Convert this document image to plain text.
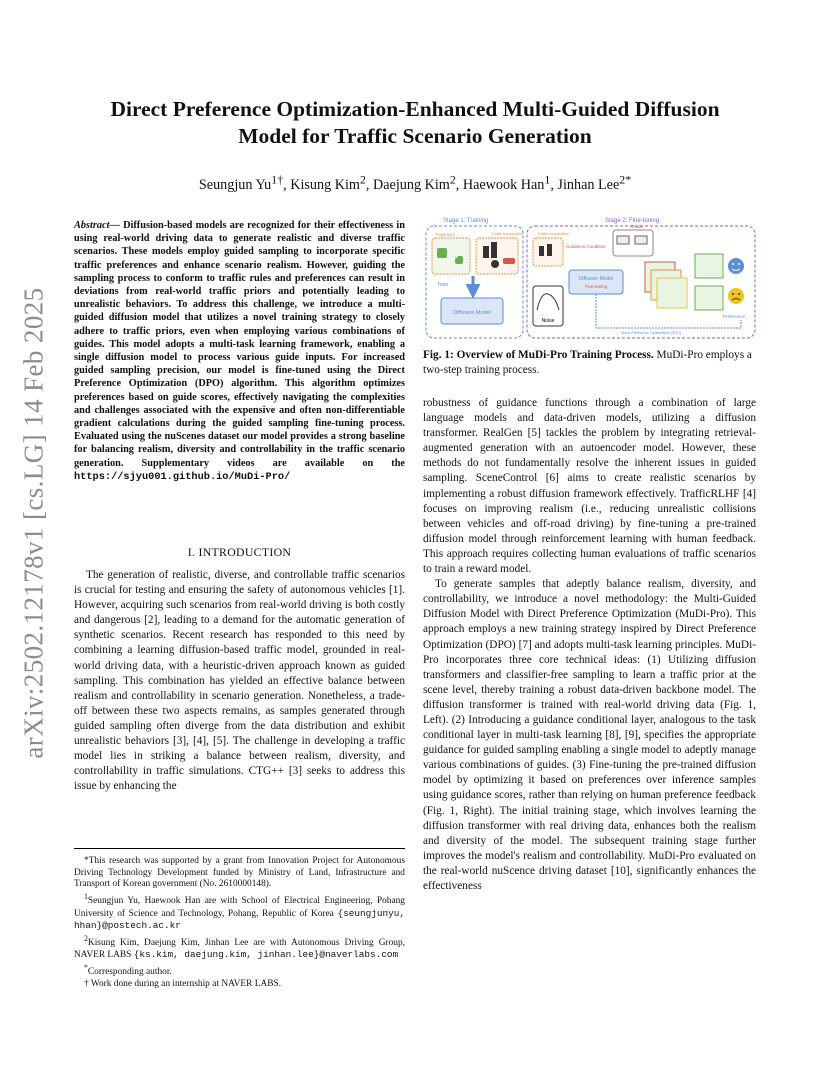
arXiv:2502.12178v1 [cs.LG] 14 Feb 2025
Direct Preference Optimization-Enhanced Multi-Guided Diffusion
Model for Traffic Scenario Generation
Seungjun $Yu^{1\dagger}$, Kisung Kim$^2$, Daejung Kim$^2$, Haewook Han$^1$, Jinhan Lee$^{2*}$
Abstract— Diffusion-based models are recognized for their effectiveness in using real-world driving data to generate realistic and diverse traffic scenarios. These models employ guided sampling to incorporate specific traffic preferences and enhance scenario realism. However, guiding the sampling process to conform to traffic rules and preferences can result in deviations from real-world traffic priors and potentially leading to unrealistic behaviors. To address this challenge, we introduce a multi-guided diffusion model that utilizes a novel training strategy to closely adhere to traffic priors, even when employing various combinations of guides. This model adopts a multi-task learning framework, enabling a single diffusion model to process various guide inputs. For increased guided sampling precision, our model is fine-tuned using the Direct Preference Optimization (DPO) algorithm. This algorithm optimizes preferences based on guide scores, effectively navigating the complexities and challenges associated with the expensive and often non-differentiable gradient calculations during the guided sampling fine-tuning process. Evaluated using the nuScenes dataset our model provides a strong baseline for balancing realism, diversity and controllability in the traffic scenario generation. Supplementary videos are available on the https://sjyu001.github.io/MuDi-Pro/
I. INTRODUCTION

The generation of realistic, diverse, and controllable traffic scenarios is crucial for testing and ensuring the safety of autonomous vehicles [1]. However, acquiring such scenarios from real-world driving is both costly and dangerous [2], leading to a demand for the automatic generation of synthetic scenarios. Recent research has responded to this need by combining a learning diffusion-based traffic model, grounded in real-world driving data, with a heuristic-driven approach known as guided sampling. This combination has yielded an effective balance between realism and controllability in scenario generation. Nonetheless, a trade-off between these two aspects remains, as samples generated through guided sampling often diverge from the data distribution and exhibit unrealistic behaviors [3], [4], [5]. The challenge in developing a traffic model lies in striking a balance between realism, diversity, and controllability in traffic simulations. CTG++ [3] seeks to address this issue by enhancing the

*This research was supported by a grant from Innovation Project for Autonomous Driving Technology Development funded by Ministry of Land, Infrastructure and Transport of Korean government (No. 2610000148).

$^1$Seungjun Yu, Haewook Han are with School of Electrical Engineering, Pohang University of Science and Technology, Pohang, Republic of Korea {seungjunyu, hhan}@postech.ac.kr

$^2$Kisung Kim, Daejung Kim, Jinhan Lee are with Autonomous Driving Group, NAVER LABS {ks.kim, daejung.kim, jinhan.lee}@naverlabs.com

*Corresponding author.

† Work done during an internship at NAVER LABS.

Stage 1: Training
Trajectory	Traffic Information
Train
Diffusion Model
Stage 2: Fine-tuning
Traffic Information
Guidance Condition
Guide
Diffusion Model
Fine-tuning
Noise
Preference
Direct Preference Optimization (DPO)
Fig. 1: Overview of MuDi-Pro Training Process. MuDi-Pro employs a two-step training process.

robustness of guidance functions through a combination of large language models and data-driven models, utilizing a diffusion transformer. RealGen [5] tackles the problem by integrating retrieval-augmented generation with an autoencoder model. However, these methods do not fundamentally resolve the inherent issues in guided sampling. SceneControl [6] aims to create realistic scenarios by implementing a robust diffusion framework effectively. TrafficRLHF [4] focuses on improving realism (i.e., reducing unrealistic collisions between vehicles and off-road driving) by fine-tuning a pre-trained diffusion model through reinforcement learning with human feedback. This approach requires collecting human evaluations of traffic scenarios to train a reward model.

To generate samples that adeptly balance realism, diversity, and controllability, we introduce a novel methodology: the Multi-Guided Diffusion Model with Direct Preference Optimization (MuDi-Pro). This approach employs a new training strategy inspired by Direct Preference Optimization (DPO) [7] and adopts multi-task learning principles. MuDi-Pro incorporates three core technical ideas: (1) Utilizing diffusion transformers and classifier-free sampling to learn a traffic prior at the scene level, thereby training a robust data-driven backbone model. The diffusion transformer is trained with real-world driving data (Fig. 1, Left). (2) Introducing a guidance conditional layer, analogous to the task conditional layer in multi-task learning [8], [9], specifies the appropriate guidance for guided sampling enabling a single model to adeptly manage various combinations of guides. (3) Fine-tuning the pre-trained diffusion model by optimizing it based on preferences over inference samples using guidance scores, rather than relying on human preference feedback (Fig. 1, Right). The initial training stage, which involves learning the diffusion transformer with real driving data, enhances both the realism and diversity of the model. The subsequent training stage further improves the model's realism and controllability. MuDi-Pro evaluated on the real-world nuScence driving dataset [10], significantly enhances the effectiveness
